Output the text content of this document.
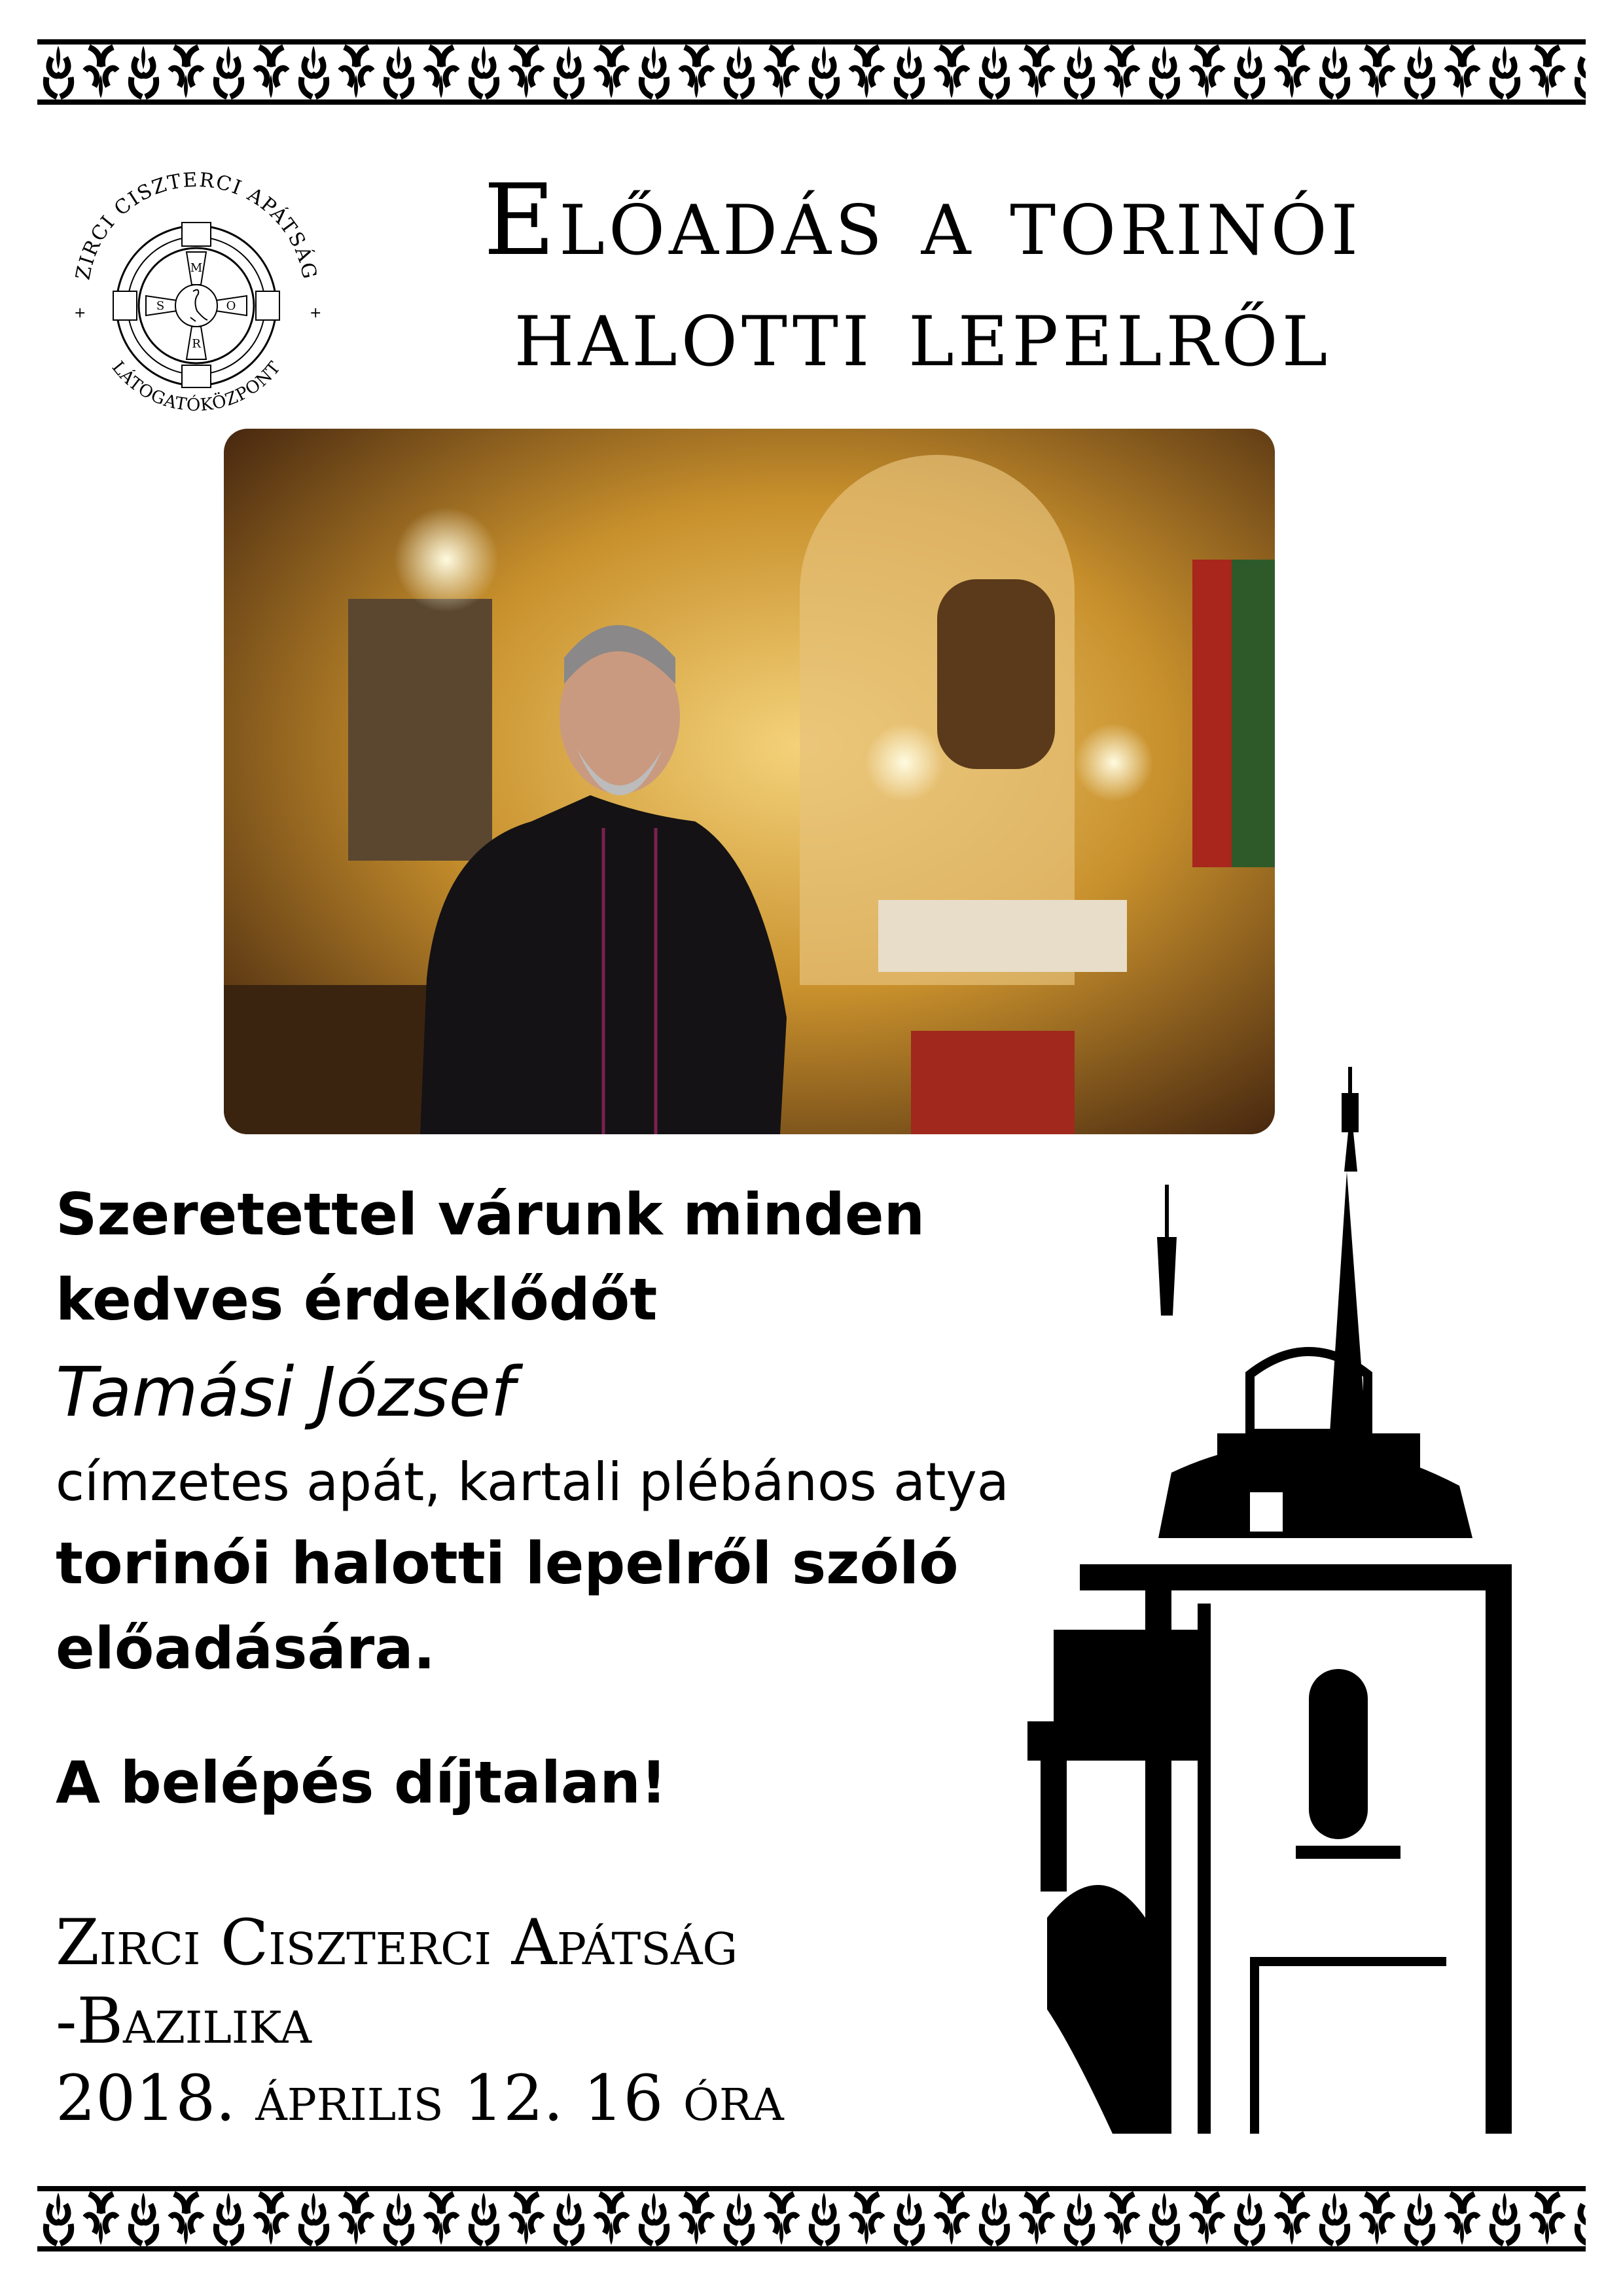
M
O
R
S
ZIRCI CISZTERCI APÁTSÁG
LÁTOGATÓKÖZPONT
+	+
Előadás a torinói
halotti lepelről
Szeretettel várunk minden
kedves érdeklődőt
Tamási József
címzetes apát, kartali plébános atya
torinói halotti lepelről szóló
előadására.
A belépés díjtalan!
Zirci Ciszterci Apátság
-Bazilika
2018. április 12. 16 óra
